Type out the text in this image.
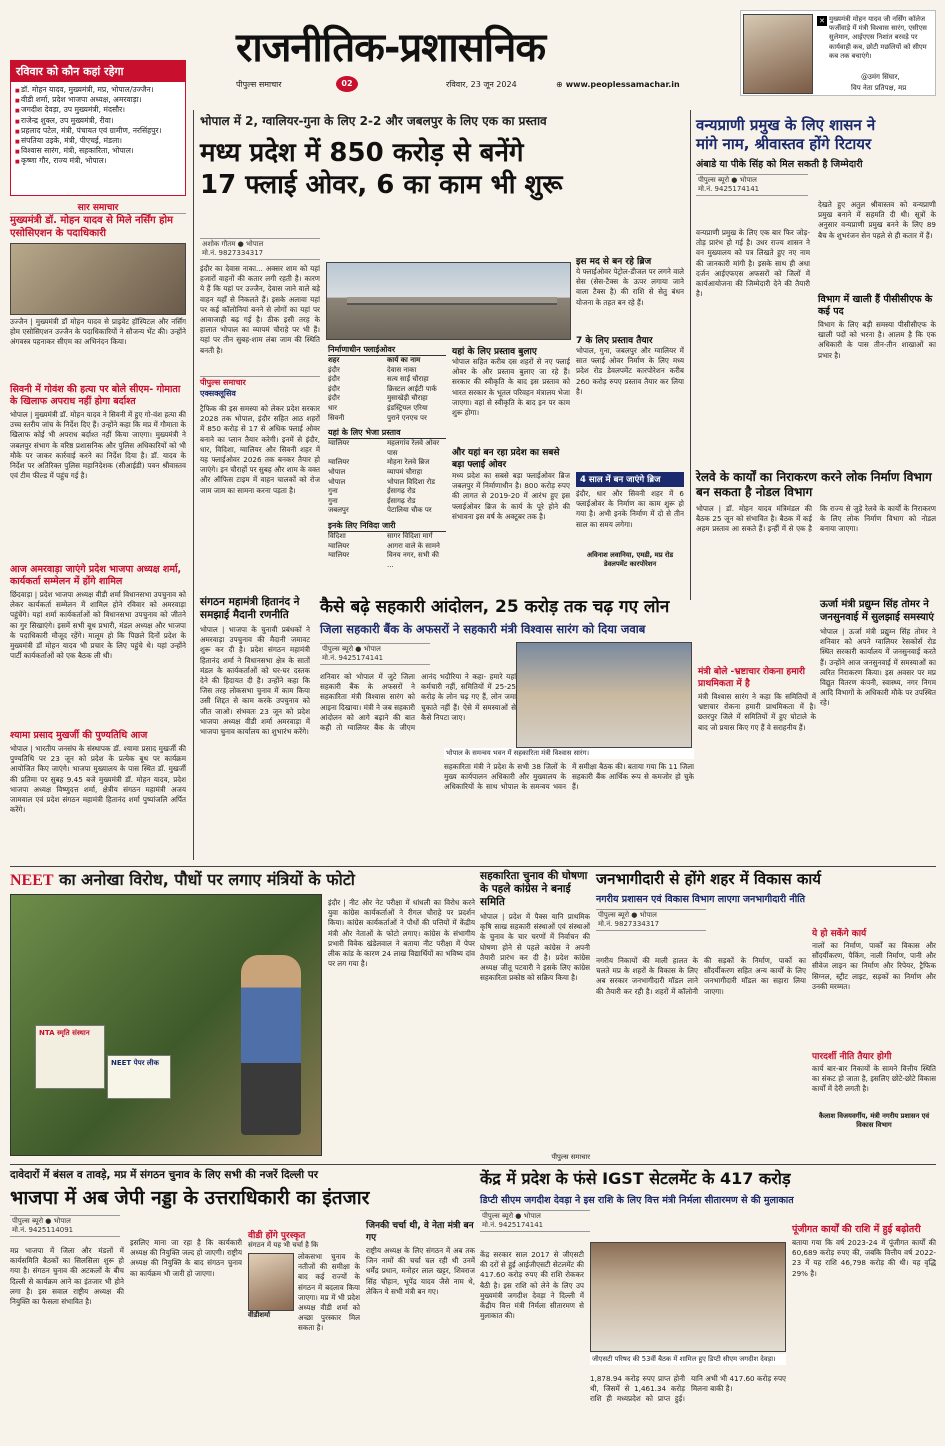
रविवार को कौन कहां रहेगा
■ डॉ. मोहन यादव, मुख्यमंत्री, मप्र, भोपाल/उज्जैन।
■ वीडी शर्मा, प्रदेश भाजपा अध्यक्ष, अमरवाड़ा।
■ जगदीश देवड़ा, उप मुख्यमंत्री, मंदसौर।
■ राजेन्द्र शुक्ल, उप मुख्यमंत्री, रीवा।
■ प्रहलाद पटेल, मंत्री, पंचायत एवं ग्रामीण, नरसिंहपुर।
■ संपतिया उइके, मंत्री, पीएचई, मंडला।
■ विश्वास सारंग, मंत्री, सहकारिता, भोपाल।
■ कृष्णा गौर, राज्य मंत्री, भोपाल।
राजनीतिक-प्रशासनिक
पीपुल्स समाचार	02	रविवार, 23 जून 2024	⊕ www.peoplessamachar.in
✕ मुख्यमंत्री मोहन यादव जी नर्सिंग कॉलेज फर्जीवाड़े में मंत्री विश्वास सारंग, एसीएस सुलेमान, आईएएस निशांत बरवड़े पर कार्यवाही कब, छोटी मछलियों को सीएम कब तक बचाएंगे।
@उमंग सिंघार,
विप नेता प्रतिपक्ष, मप्र
सार समाचार
मुख्यमंत्री डॉ. मोहन यादव से मिले नर्सिंग होम एसोसिएशन के पदाधिकारी
उज्जैन | मुख्यमंत्री डॉ मोहन यादव से प्राइवेट हॉस्पिटल और नर्सिंग होम एसोसिएशन उज्जैन के पदाधिकारियों ने सौजन्य भेंट की। उन्होंने अंगवस्त्र पहनाकर सीएम का अभिनंदन किया।
सिवनी में गोवंश की हत्या पर बोले सीएम- गोमाता के खिलाफ अपराध नहीं होगा बर्दाश्त
भोपाल | मुख्यमंत्री डॉ. मोहन यादव ने सिवनी में हुए गो-वंश हत्या की उच्च स्तरीय जांच के निर्देश दिए हैं। उन्होंने कहा कि मप्र में गौमाता के खिलाफ कोई भी अपराध बर्दाश्त नहीं किया जाएगा। मुख्यमंत्री ने जबलपुर संभाग के वरिष्ठ प्रशासनिक और पुलिस अधिकारियों को भी मौके पर जाकर कार्रवाई करने का निर्देश दिया है। डॉ. यादव के निर्देश पर अतिरिक्त पुलिस महानिदेशक (सीआईडी) पवन श्रीवास्तव एवं टीम फील्ड में पहुंच गई है।
आज अमरवाड़ा जाएंगे प्रदेश भाजपा अध्यक्ष शर्मा, कार्यकर्ता सम्मेलन में होंगे शामिल
छिंदवाड़ा | प्रदेश भाजपा अध्यक्ष वीडी शर्मा विधानसभा उपचुनाव को लेकर कार्यकर्ता सम्मेलन में शामिल होने रविवार को अमरवाड़ा पहुंचेंगे। यहां शर्मा कार्यकर्ताओं को विधानसभा उपचुनाव को जीतने का गुर सिखाएंगे। इसमें सभी बूथ प्रभारी, मंडल अध्यक्ष और भाजपा के पदाधिकारी मौजूद रहेंगे। मालूम हो कि पिछले दिनों प्रदेश के मुख्यमंत्री डॉ मोहन यादव भी प्रचार के लिए पहुंचे थे। यहां उन्होंने पार्टी कार्यकर्ताओं को एक बैठक ली थी।
श्यामा प्रसाद मुखर्जी की पुण्यतिथि आज
भोपाल | भारतीय जनसंघ के संस्थापक डॉ. श्यामा प्रसाद मुखर्जी की पुण्यतिथि पर 23 जून को प्रदेश के प्रत्येक बूथ पर कार्यक्रम आयोजित किए जाएंगे। भाजपा मुख्यालय के पास स्थित डॉ. मुखर्जी की प्रतिमा पर सुबह 9.45 बजे मुख्यमंत्री डॉ. मोहन यादव, प्रदेश भाजपा अध्यक्ष विष्णुदत्त शर्मा, क्षेत्रीय संगठन महामंत्री अजय जामवाल एवं प्रदेश संगठन महामंत्री हितानंद शर्मा पुष्पांजलि अर्पित करेंगे।
भोपाल में 2, ग्वालियर-गुना के लिए 2-2 और जबलपुर के लिए एक का प्रस्ताव
मध्य प्रदेश में 850 करोड़ से बनेंगे
17 फ्लाई ओवर, 6 का काम भी शुरू
अशोक गौतम ● भोपाल
मो.नं. 9827334317
इंदौर का देवास नाका... अक्सर शाम को यहां हजारों वाहनों की कतार लगी रहती है। कारण ये हैं कि यहां पर उज्जैन, देवास जाने वाले बड़े वाहन यहाँ से निकलते हैं। इसके अलावा यहां पर कई कॉलोनियां बनने से लोगों का यहां पर आवाजाही बढ़ गई है। ठीक इसी तरह के हालात भोपाल का व्यापमं चौराहे पर भी हैं। यहां पर तीन सुबह-शाम लंबा जाम की स्थिति बनती है।
पीपुल्स समाचार
एक्सक्लूसिव
ट्रैफिक की इस समस्या को लेकर प्रदेश सरकार 2028 तक भोपाल, इंदौर सहित आठ शहरों में 850 करोड़ से 17 से अधिक फ्लाई ओवर बनाने का प्लान तैयार करेगी। इनमें से इंदौर, धार, विदिशा, ग्वालियर और सिवनी शहर में यह फ्लाईओवर 2026 तक बनकर तैयार हो जाएंगे। इन चौराहों पर सुबह और शाम के वक्त और ऑफिस टाइम में वाहन चालकों को रोज जाम जाम का सामना करना पड़ता है।
निर्माणाधीन फ्लाईओवर
शहर	कार्य का नाम
इंदौर	देवास नाका
इंदौर	सत्य साईं चौराहा
इंदौर	क्रिस्टल आईटी पार्क
इंदौर	मुसाखेड़ी चौराहा
धार	इंडस्ट्रियल एरिया
सिवनी	पुराने एनएच पर
यहां के लिए भेजा प्रस्ताव
ग्वालियर	महलगांव रेलवे ओवर पास
ग्वालियर	मोहना रेलवे ब्रिज
भोपाल	व्यापमं चौराहा
भोपाल	भोपाल विदिशा रोड
गुना	ईसागढ़ रोड
गुना	ईसागढ़ रोड
जबलपुर	पेटालिया चौक पर
इनके लिए निविदा जारी
विदिशा	सागर विदिशा मार्ग
ग्वालियर	आगरा वाले के सामने
ग्वालियर	विनय नगर, सभी की ...
यहां के लिए प्रस्ताव बुलाए
भोपाल सहित करीब दस शहरों से नए फ्लाई ओवर के और प्रस्ताव बुलाए जा रहे हैं। सरकार की स्वीकृति के बाद इस प्रस्ताव को भारत सरकार के भूतल परिवहन मंत्रालय भेजा जाएगा। वहां से स्वीकृति के बाद इन पर काम शुरू होगा।
और यहां बन रहा प्रदेश का सबसे बड़ा फ्लाई ओवर
मध्य प्रदेश का सबसे बड़ा फ्लाईओवर ब्रिज जबलपुर में निर्माणाधीन है। 800 करोड़ रुपए की लागत से 2019-20 में आरंभ हुए इस फ्लाईओवर ब्रिज के कार्य के पूरे होने की संभावना इस वर्ष के अक्टूबर तक है।
इस मद से बन रहे ब्रिज
ये फ्लाईओवर पेट्रोल-डीजल पर लगने वाले सेस (सेस-टैक्स के ऊपर लगाया जाने वाला टैक्स है) की राशि से सेतु बंधन योजना के तहत बन रहे हैं।
7 के लिए प्रस्ताव तैयार
भोपाल, गुना, जबलपुर और ग्वालियर में सात फ्लाई ओवर निर्माण के लिए मध्य प्रदेश रोड डेवलपमेंट कारपोरेशन करीब 260 करोड़ रुपए प्रस्ताव तैयार कर लिया है।
4 साल में बन जाएंगे ब्रिज
इंदौर, धार और सिवनी शहर में 6 फ्लाईओवर के निर्माण का काम शुरू हो गया है। अभी इनके निर्माण में दो से तीन साल का समय लगेगा।
अविनाश लवानिया, एमडी, मप्र रोड डेवलपमेंट कारपोरेशन
वन्यप्राणी प्रमुख के लिए शासन ने
मांगे नाम, श्रीवास्तव होंगे रिटायर
अंबाडे या पीके सिंह को मिल सकती है जिम्मेदारी
पीपुल्स ब्यूरो ● भोपाल
मो.नं. 9425174141
वन्यप्राणी प्रमुख के लिए एक बार फिर जोड़-तोड़ प्रारंभ हो गई है। उधर राज्य शासन ने वन मुख्यालय को पत्र लिखते हुए नए नाम की जानकारी मांगी है। इसके साथ ही अधा दर्जन आईएफएस अफसरों को जिलों में कार्यआयोजना की जिम्मेदारी देने की तैयारी है।
देखते हुए अतुल श्रीवास्तव को वन्यप्राणी प्रमुख बनाने में सहमति दी थी। सूत्रों के अनुसार वन्यप्राणी प्रमुख बनने के लिए 89 बैच के शुभरंजन सेन पहले से ही कतार में हैं।
विभाग में खाली हैं पीसीसीएफ के कई पद
विभाग के लिए बड़ी समस्या पीसीसीएफ के खाली पदों को भरना है। आलम है कि एक अधिकारी के पास तीन-तीन शाखाओं का प्रभार है।
रेलवे के कार्यों का निराकरण करने लोक निर्माण विभाग बन सकता है नोडल विभाग
भोपाल | डॉ. मोहन यादव मंत्रिमंडल की बैठक 25 जून को संभावित है। बैठक में कई अहम प्रस्ताव आ सकते हैं। इन्हीं में से एक है कि राज्य से जुड़े रेलवे के कार्यों के निराकरण के लिए लोक निर्माण विभाग को नोडल बनाया जाएगा।
ऊर्जा मंत्री प्रद्युम्न सिंह तोमर ने जनसुनवाई में सुलझाई समस्याएं
भोपाल | ऊर्जा मंत्री प्रद्युम्न सिंह तोमर ने शनिवार को अपने ग्वालियर रेसकोर्स रोड स्थित सरकारी कार्यालय में जनसुनवाई करते हैं। उन्होंने आज जनसुनवाई में समस्याओं का त्वरित निराकरण किया। इस अवसर पर मप्र विद्युत वितरण कंपनी, स्वास्थ्य, नगर निगम आदि विभागों के अधिकारी मौके पर उपस्थित रहे।
संगठन महामंत्री हितानंद ने समझाई मैदानी रणनीति
भोपाल | भाजपा के चुनावी प्रबंधकों ने अमरवाड़ा उपचुनाव की मैदानी जमावट शुरू कर दी है। प्रदेश संगठन महामंत्री हितानंद शर्मा ने विधानसभा क्षेत्र के सातों मंडल के कार्यकर्ताओं को घर-घर दस्तक देने की हिदायत दी है। उन्होंने कहा कि जिस तरह लोकसभा चुनाव में काम किया उसी शिद्दत से काम करके उपचुनाव को जीत जाओ। संभवतः 23 जून को प्रदेश भाजपा अध्यक्ष वीडी शर्मा अमरवाड़ा में भाजपा चुनाव कार्यालय का शुभारंभ करेंगे।
कैसे बढ़े सहकारी आंदोलन, 25 करोड़ तक चढ़ गए लोन
जिला सहकारी बैंक के अफसरों ने सहकारी मंत्री विश्वास सारंग को दिया जवाब
पीपुल्स ब्यूरो ● भोपाल
मो.नं. 9425174141
शनिवार को भोपाल में जुटे जिला सहकारी बैंक के अफसरों ने सहकारिता मंत्री विश्वास सारंग को आइना दिखाया। मंत्री ने जब सहकारी आंदोलन को आगे बढ़ाने की बात कही तो ग्वालियर बैंक के जीएम आनंद भदौरिया ने कहा- हमारे यहां कर्मचारी नहीं, समितियों में 25-25 करोड़ के लोन चढ़ गए हैं, लोन जमा चुकाते नहीं हैं। ऐसे में समस्याओं से कैसे निपटा जाए।
भोपाल के समन्वय भवन में सहकारिता मंत्री विश्वास सारंग।
सहकारिता मंत्री ने प्रदेश के सभी 38 जिलों के मुख्य कार्यपालन अधिकारी और मुख्यालय के अधिकारियों के साथ भोपाल के समन्वय भवन में समीक्षा बैठक की। बताया गया कि 11 जिला सहकारी बैंक आर्थिक रूप से कमजोर हो चुके हैं।
मंत्री बोले -भ्रष्टाचार रोकना हमारी प्राथमिकता में है
मंत्री विश्वास सारंग ने कहा कि समितियों में भ्रष्टाचार रोकना हमारी प्राथमिकता में है। छतरपुर जिले में समितियों में हुए घोटाले के बाद जो प्रयास किए गए हैं वे सराहनीय हैं।
NEET का अनोखा विरोध, पौधों पर लगाए मंत्रियों के फोटो
NTA स्मृति संस्थान
NEET पेपर लीक
इंदौर | नीट और नेट परीक्षा में धांधली का विरोध करने युवा कांग्रेस कार्यकर्ताओं ने रीगल चौराहे पर प्रदर्शन किया। कांग्रेस कार्यकर्ताओं ने पौधों की पत्तियों में केंद्रीय मंत्री और नेताओं के फोटो लगाए। कांग्रेस के संभागीय प्रभारी विवेक खंडेलवाल ने बताया नीट परीक्षा में पेपर लीक कांड के कारण 24 लाख विद्यार्थियों का भविष्य दांव पर लग गया है।
सहकारिता चुनाव की घोषणा के पहले कांग्रेस ने बनाई समिति
भोपाल | प्रदेश में पैक्स यानि प्राथमिक कृषि साख सहकारी संस्थाओं एवं संस्थाओं के चुनाव के चार चरणों में निर्वाचन की घोषणा होने से पहले कांग्रेस ने अपनी तैयारी प्रारंभ कर दी है। प्रदेश कांग्रेस अध्यक्ष जीतू पटवारी ने इसके लिए कांग्रेस सहकारिता प्रकोष्ठ को सक्रिय किया है।
पीपुल्स समाचार
जनभागीदारी से होंगे शहर में विकास कार्य
नगरीय प्रशासन एवं विकास विभाग लाएगा जनभागीदारी नीति
पीपुल्स ब्यूरो ● भोपाल
मो.नं. 9827334317
नगरीय निकायों की माली हालत के चलते मप्र के शहरों के विकास के लिए अब सरकार जनभागीदारी मॉडल लाने की तैयारी कर रही है। शहरों में कॉलोनी की सड़कों के निर्माण, पार्को का सौंदर्यीकरण सहित अन्य कार्यों के लिए जनभागीदारी मॉडल का सहारा लिया जाएगा।
ये हो सकेंगे कार्य
नालों का निर्माण, पार्कों का विकास और सौंदर्यीकरण, पैकिंग, नाली निर्माण, पानी और सीवेज लाइन का निर्माण और रिपेयर, ट्रैफिक सिग्नल, स्ट्रीट लाइट, सड़कों का निर्माण और उनकी मरम्मत।
पारदर्शी नीति तैयार होगी
कार्य बार-बार निकायों के सामने वित्तीय स्थिति का संकट हो जाता है, इसलिए छोटे-छोटे विकास कार्यों में देरी लगती है।
कैलाश विजयवर्गीय, मंत्री नगरीय प्रशासन एवं विकास विभाग
दावेदारों में बंसल व तावड़े, मप्र में संगठन चुनाव के लिए सभी की नजरें दिल्ली पर
भाजपा में अब जेपी नड्डा के उत्तराधिकारी का इंतजार
पीपुल्स ब्यूरो ● भोपाल
मो.नं. 9425114091
मप्र भाजपा में जिला और मंडलों में कार्यसमिति बैठकों का सिलसिला शुरू हो गया है। संगठन चुनाव की अटकलों के बीच दिल्ली से कार्यक्रम आने का इंतजार भी होने लगा है। इस सवाल राष्ट्रीय अध्यक्ष की नियुक्ति का फैसला संभावित है।
इसलिए माना जा रहा है कि कार्यकारी अध्यक्ष की नियुक्ति जल्द हो जाएगी। राष्ट्रीय अध्यक्ष की नियुक्ति के बाद संगठन चुनाव का कार्यक्रम भी जारी हो जाएगा।
वीडी होंगे पुरस्कृत
संगठन में यह भी चर्चा है कि
वीडीशर्मा
लोकसभा चुनाव के नतीजों की समीक्षा के बाद कई राज्यों के संगठन में बदलाव किया जाएगा। मप्र में भी प्रदेश अध्यक्ष वीडी शर्मा को अच्छा पुरस्कार मिल सकता है।
जिनकी चर्चा थी, वे नेता मंत्री बन गए
राष्ट्रीय अध्यक्ष के लिए संगठन में अब तक जिन नामों की चर्चा चल रही थी उनमें धर्मेंद्र प्रधान, मनोहर लाल खट्टर, शिवराज सिंह चौहान, भूपेंद्र यादव जैसे नाम थे, लेकिन ये सभी मंत्री बन गए।
केंद्र में प्रदेश के फंसे IGST सेटलमेंट के 417 करोड़
डिप्टी सीएम जगदीश देवड़ा ने इस राशि के लिए वित्त मंत्री निर्मला सीतारमण से की मुलाकात
पीपुल्स ब्यूरो ● भोपाल
मो.नं. 9425174141
केंद्र सरकार साल 2017 से जीएसटी की दरों से हुई आईजीएसटी सेटलमेंट की 417.60 करोड़ रुपए की राशि रोककर बैठी है। इस राशि को लेने के लिए उप मुख्यमंत्री जगदीश देवड़ा ने दिल्ली में केंद्रीय वित्त मंत्री निर्मला सीतारमण से मुलाकात की।
जीएसटी परिषद की 53वीं बैठक में शामिल हुए डिप्टी सीएम जगदीश देवड़ा।
1,878.94 करोड़ रुपए प्राप्त होनी थी, जिसमें से 1,461.34 करोड़ राशि ही मध्यप्रदेश को प्राप्त हुई। यानि अभी भी 417.60 करोड़ रुपए मिलना बाकी है।
पूंजीगत कार्यों की राशि में हुई बढ़ोतरी
बताया गया कि वर्ष 2023-24 में पूंजीगत कार्यों की 60,689 करोड़ रुपए की, जबकि वित्तीय वर्ष 2022-23 में यह राशि 46,798 करोड़ की थी। यह वृद्धि 29% है।
